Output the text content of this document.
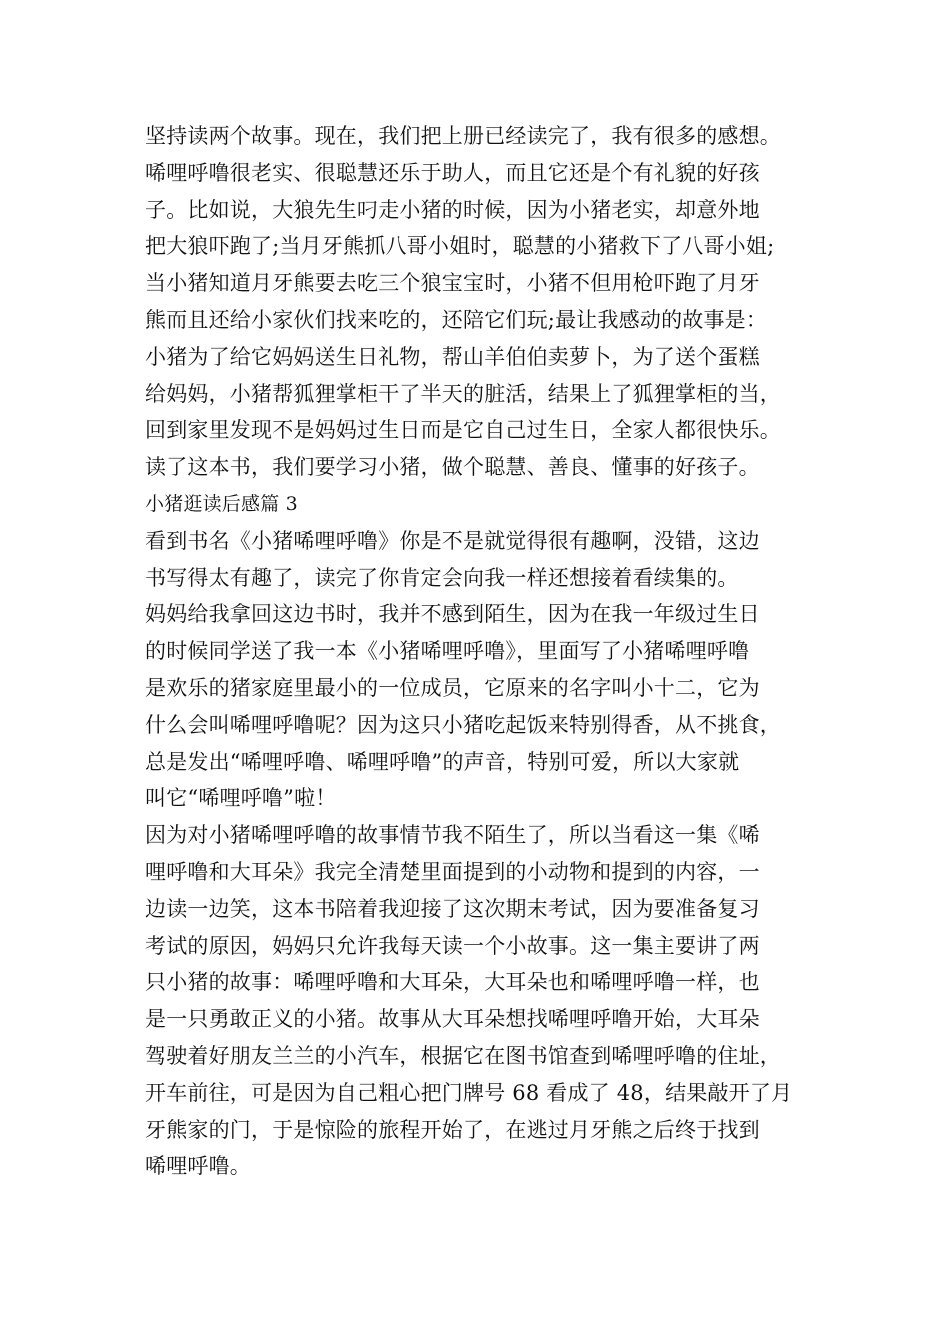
坚持读两个故事。现在，我们把上册已经读完了，我有很多的感想。
唏哩呼噜很老实、很聪慧还乐于助人，而且它还是个有礼貌的好孩
子。比如说，大狼先生叼走小猪的时候，因为小猪老实，却意外地
把大狼吓跑了;当月牙熊抓八哥小姐时，聪慧的小猪救下了八哥小姐;
当小猪知道月牙熊要去吃三个狼宝宝时，小猪不但用枪吓跑了月牙
熊而且还给小家伙们找来吃的，还陪它们玩;最让我感动的故事是：
小猪为了给它妈妈送生日礼物，帮山羊伯伯卖萝卜，为了送个蛋糕
给妈妈，小猪帮狐狸掌柜干了半天的脏活，结果上了狐狸掌柜的当，
回到家里发现不是妈妈过生日而是它自己过生日，全家人都很快乐。
读了这本书，我们要学习小猪，做个聪慧、善良、懂事的好孩子。
小猪逛读后感篇 3
看到书名《小猪唏哩呼噜》你是不是就觉得很有趣啊，没错，这边
书写得太有趣了，读完了你肯定会向我一样还想接着看续集的。
妈妈给我拿回这边书时，我并不感到陌生，因为在我一年级过生日
的时候同学送了我一本《小猪唏哩呼噜》，里面写了小猪唏哩呼噜
是欢乐的猪家庭里最小的一位成员，它原来的名字叫小十二，它为
什么会叫唏哩呼噜呢？因为这只小猪吃起饭来特别得香，从不挑食，
总是发出“唏哩呼噜、唏哩呼噜”的声音，特别可爱，所以大家就
叫它“唏哩呼噜”啦！
因为对小猪唏哩呼噜的故事情节我不陌生了，所以当看这一集《唏
哩呼噜和大耳朵》我完全清楚里面提到的小动物和提到的内容，一
边读一边笑，这本书陪着我迎接了这次期末考试，因为要准备复习
考试的原因，妈妈只允许我每天读一个小故事。这一集主要讲了两
只小猪的故事：唏哩呼噜和大耳朵，大耳朵也和唏哩呼噜一样，也
是一只勇敢正义的小猪。故事从大耳朵想找唏哩呼噜开始，大耳朵
驾驶着好朋友兰兰的小汽车，根据它在图书馆查到唏哩呼噜的住址，
开车前往，可是因为自己粗心把门牌号 68 看成了 48，结果敲开了月
牙熊家的门，于是惊险的旅程开始了，在逃过月牙熊之后终于找到
唏哩呼噜。
